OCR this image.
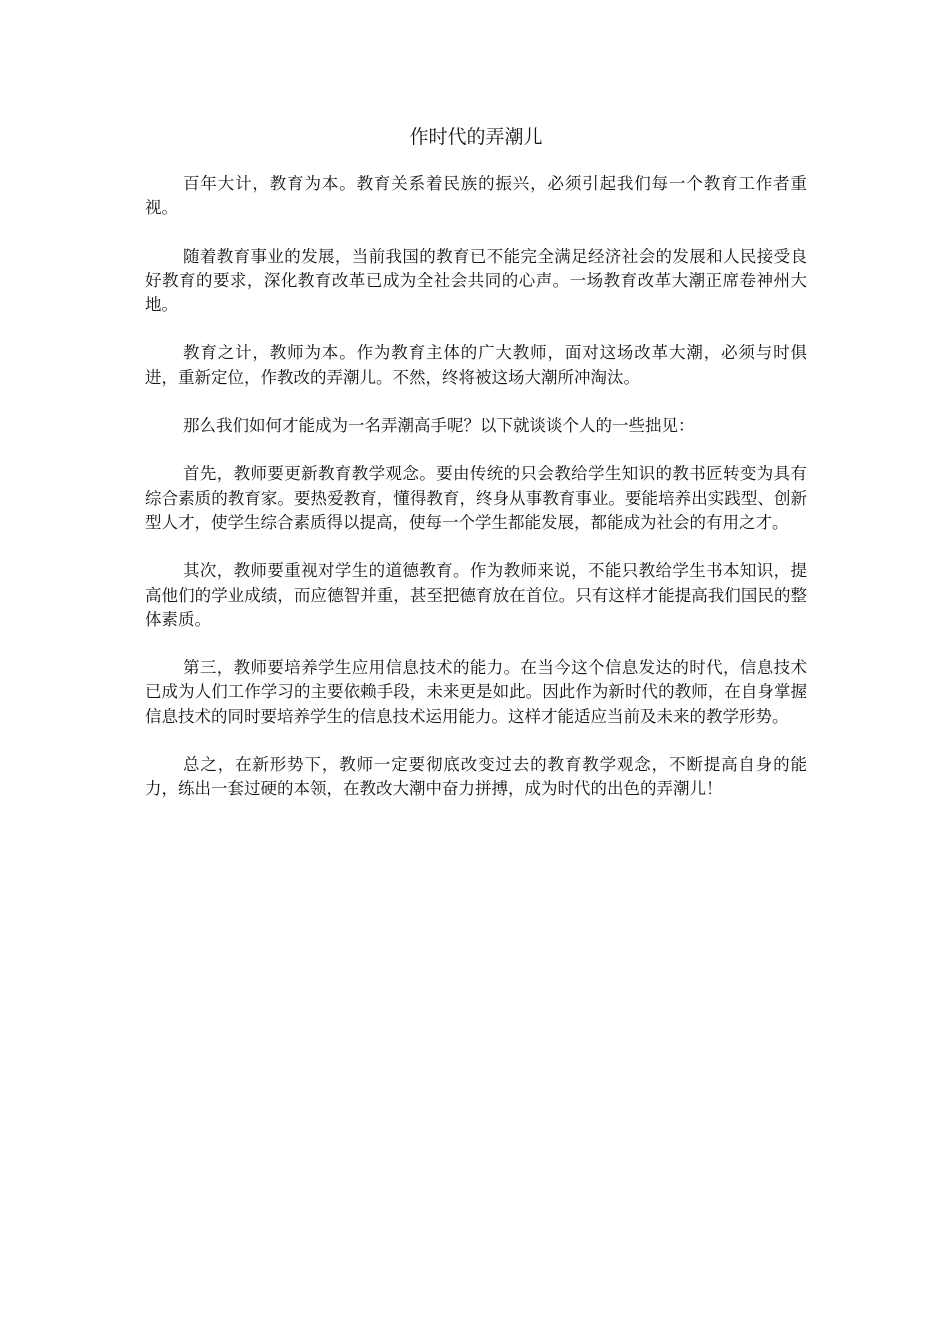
作时代的弄潮儿

百年大计，教育为本。教育关系着民族的振兴，必须引起我们每一个教育工作者重视。

随着教育事业的发展，当前我国的教育已不能完全满足经济社会的发展和人民接受良好教育的要求，深化教育改革已成为全社会共同的心声。一场教育改革大潮正席卷神州大地。

教育之计，教师为本。作为教育主体的广大教师，面对这场改革大潮，必须与时俱进，重新定位，作教改的弄潮儿。不然，终将被这场大潮所冲淘汰。

那么我们如何才能成为一名弄潮高手呢？以下就谈谈个人的一些拙见：

首先，教师要更新教育教学观念。要由传统的只会教给学生知识的教书匠转变为具有综合素质的教育家。要热爱教育，懂得教育，终身从事教育事业。要能培养出实践型、创新型人才，使学生综合素质得以提高，使每一个学生都能发展，都能成为社会的有用之才。

其次，教师要重视对学生的道德教育。作为教师来说，不能只教给学生书本知识，提高他们的学业成绩，而应德智并重，甚至把德育放在首位。只有这样才能提高我们国民的整体素质。

第三，教师要培养学生应用信息技术的能力。在当今这个信息发达的时代，信息技术已成为人们工作学习的主要依赖手段，未来更是如此。因此作为新时代的教师，在自身掌握信息技术的同时要培养学生的信息技术运用能力。这样才能适应当前及未来的教学形势。

总之，在新形势下，教师一定要彻底改变过去的教育教学观念，不断提高自身的能力，练出一套过硬的本领，在教改大潮中奋力拼搏，成为时代的出色的弄潮儿！
